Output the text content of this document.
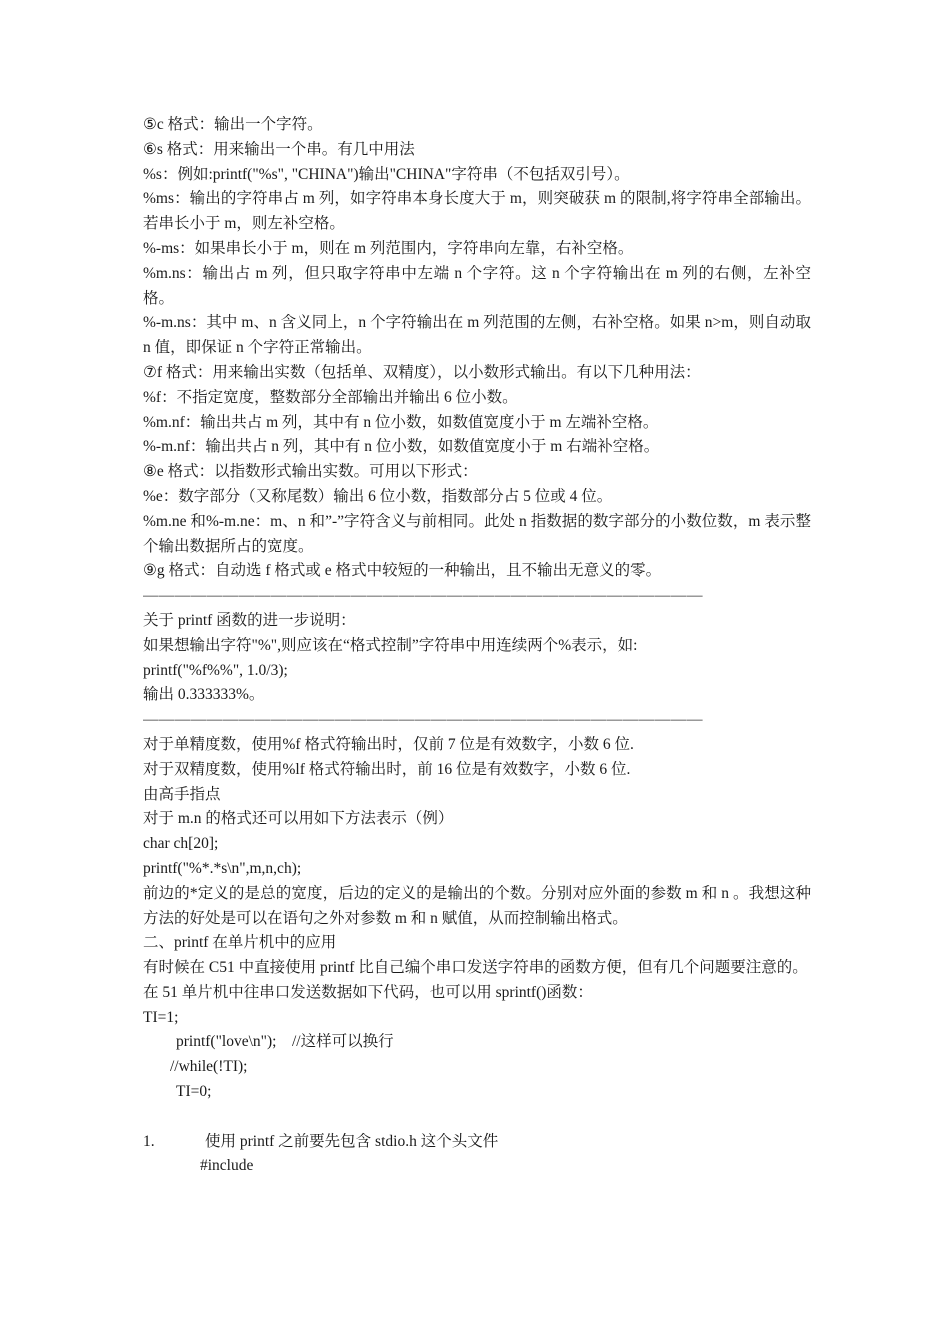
⑤c 格式：输出一个字符。
⑥s 格式：用来输出一个串。有几中用法
%s：例如:printf("%s", "CHINA")输出"CHINA"字符串（不包括双引号）。
%ms：输出的字符串占 m 列，如字符串本身长度大于 m，则突破获 m 的限制,将字符串全部输出。若串长小于 m，则左补空格。
%-ms：如果串长小于 m，则在 m 列范围内，字符串向左靠，右补空格。
%m.ns：输出占 m 列，但只取字符串中左端 n 个字符。这 n 个字符输出在 m 列的右侧，左补空格。
%-m.ns：其中 m、n 含义同上，n 个字符输出在 m 列范围的左侧，右补空格。如果 n>m，则自动取 n 值，即保证 n 个字符正常输出。
⑦f 格式：用来输出实数（包括单、双精度），以小数形式输出。有以下几种用法：
%f：不指定宽度，整数部分全部输出并输出 6 位小数。
%m.nf：输出共占 m 列，其中有 n 位小数，如数值宽度小于 m 左端补空格。
%-m.nf：输出共占 n 列，其中有 n 位小数，如数值宽度小于 m 右端补空格。
⑧e 格式：以指数形式输出实数。可用以下形式：
%e：数字部分（又称尾数）输出 6 位小数，指数部分占 5 位或 4 位。
%m.ne 和%-m.ne：m、n 和”-”字符含义与前相同。此处 n 指数据的数字部分的小数位数，m 表示整个输出数据所占的宽度。
⑨g 格式：自动选 f 格式或 e 格式中较短的一种输出，且不输出无意义的零。
———————————————————————————————————
关于 printf 函数的进一步说明：
如果想输出字符"%",则应该在“格式控制”字符串中用连续两个%表示，如:
printf("%f%%", 1.0/3);
输出 0.333333%。
———————————————————————————————————
对于单精度数，使用%f 格式符输出时，仅前 7 位是有效数字，小数 6 位.
对于双精度数，使用%lf 格式符输出时，前 16 位是有效数字，小数 6 位.
由高手指点
对于 m.n 的格式还可以用如下方法表示（例）
char ch[20];
printf("%*.*s\n",m,n,ch);
前边的*定义的是总的宽度，后边的定义的是输出的个数。分别对应外面的参数 m 和 n 。我想这种方法的好处是可以在语句之外对参数 m 和 n 赋值，从而控制输出格式。
二、printf 在单片机中的应用
有时候在 C51 中直接使用 printf 比自己编个串口发送字符串的函数方便，但有几个问题要注意的。
在 51 单片机中往串口发送数据如下代码，也可以用 sprintf()函数：
TI=1;
printf("love\n");    //这样可以换行
//while(!TI);
TI=0;
1.	使用 printf 之前要先包含 stdio.h 这个头文件
#include
